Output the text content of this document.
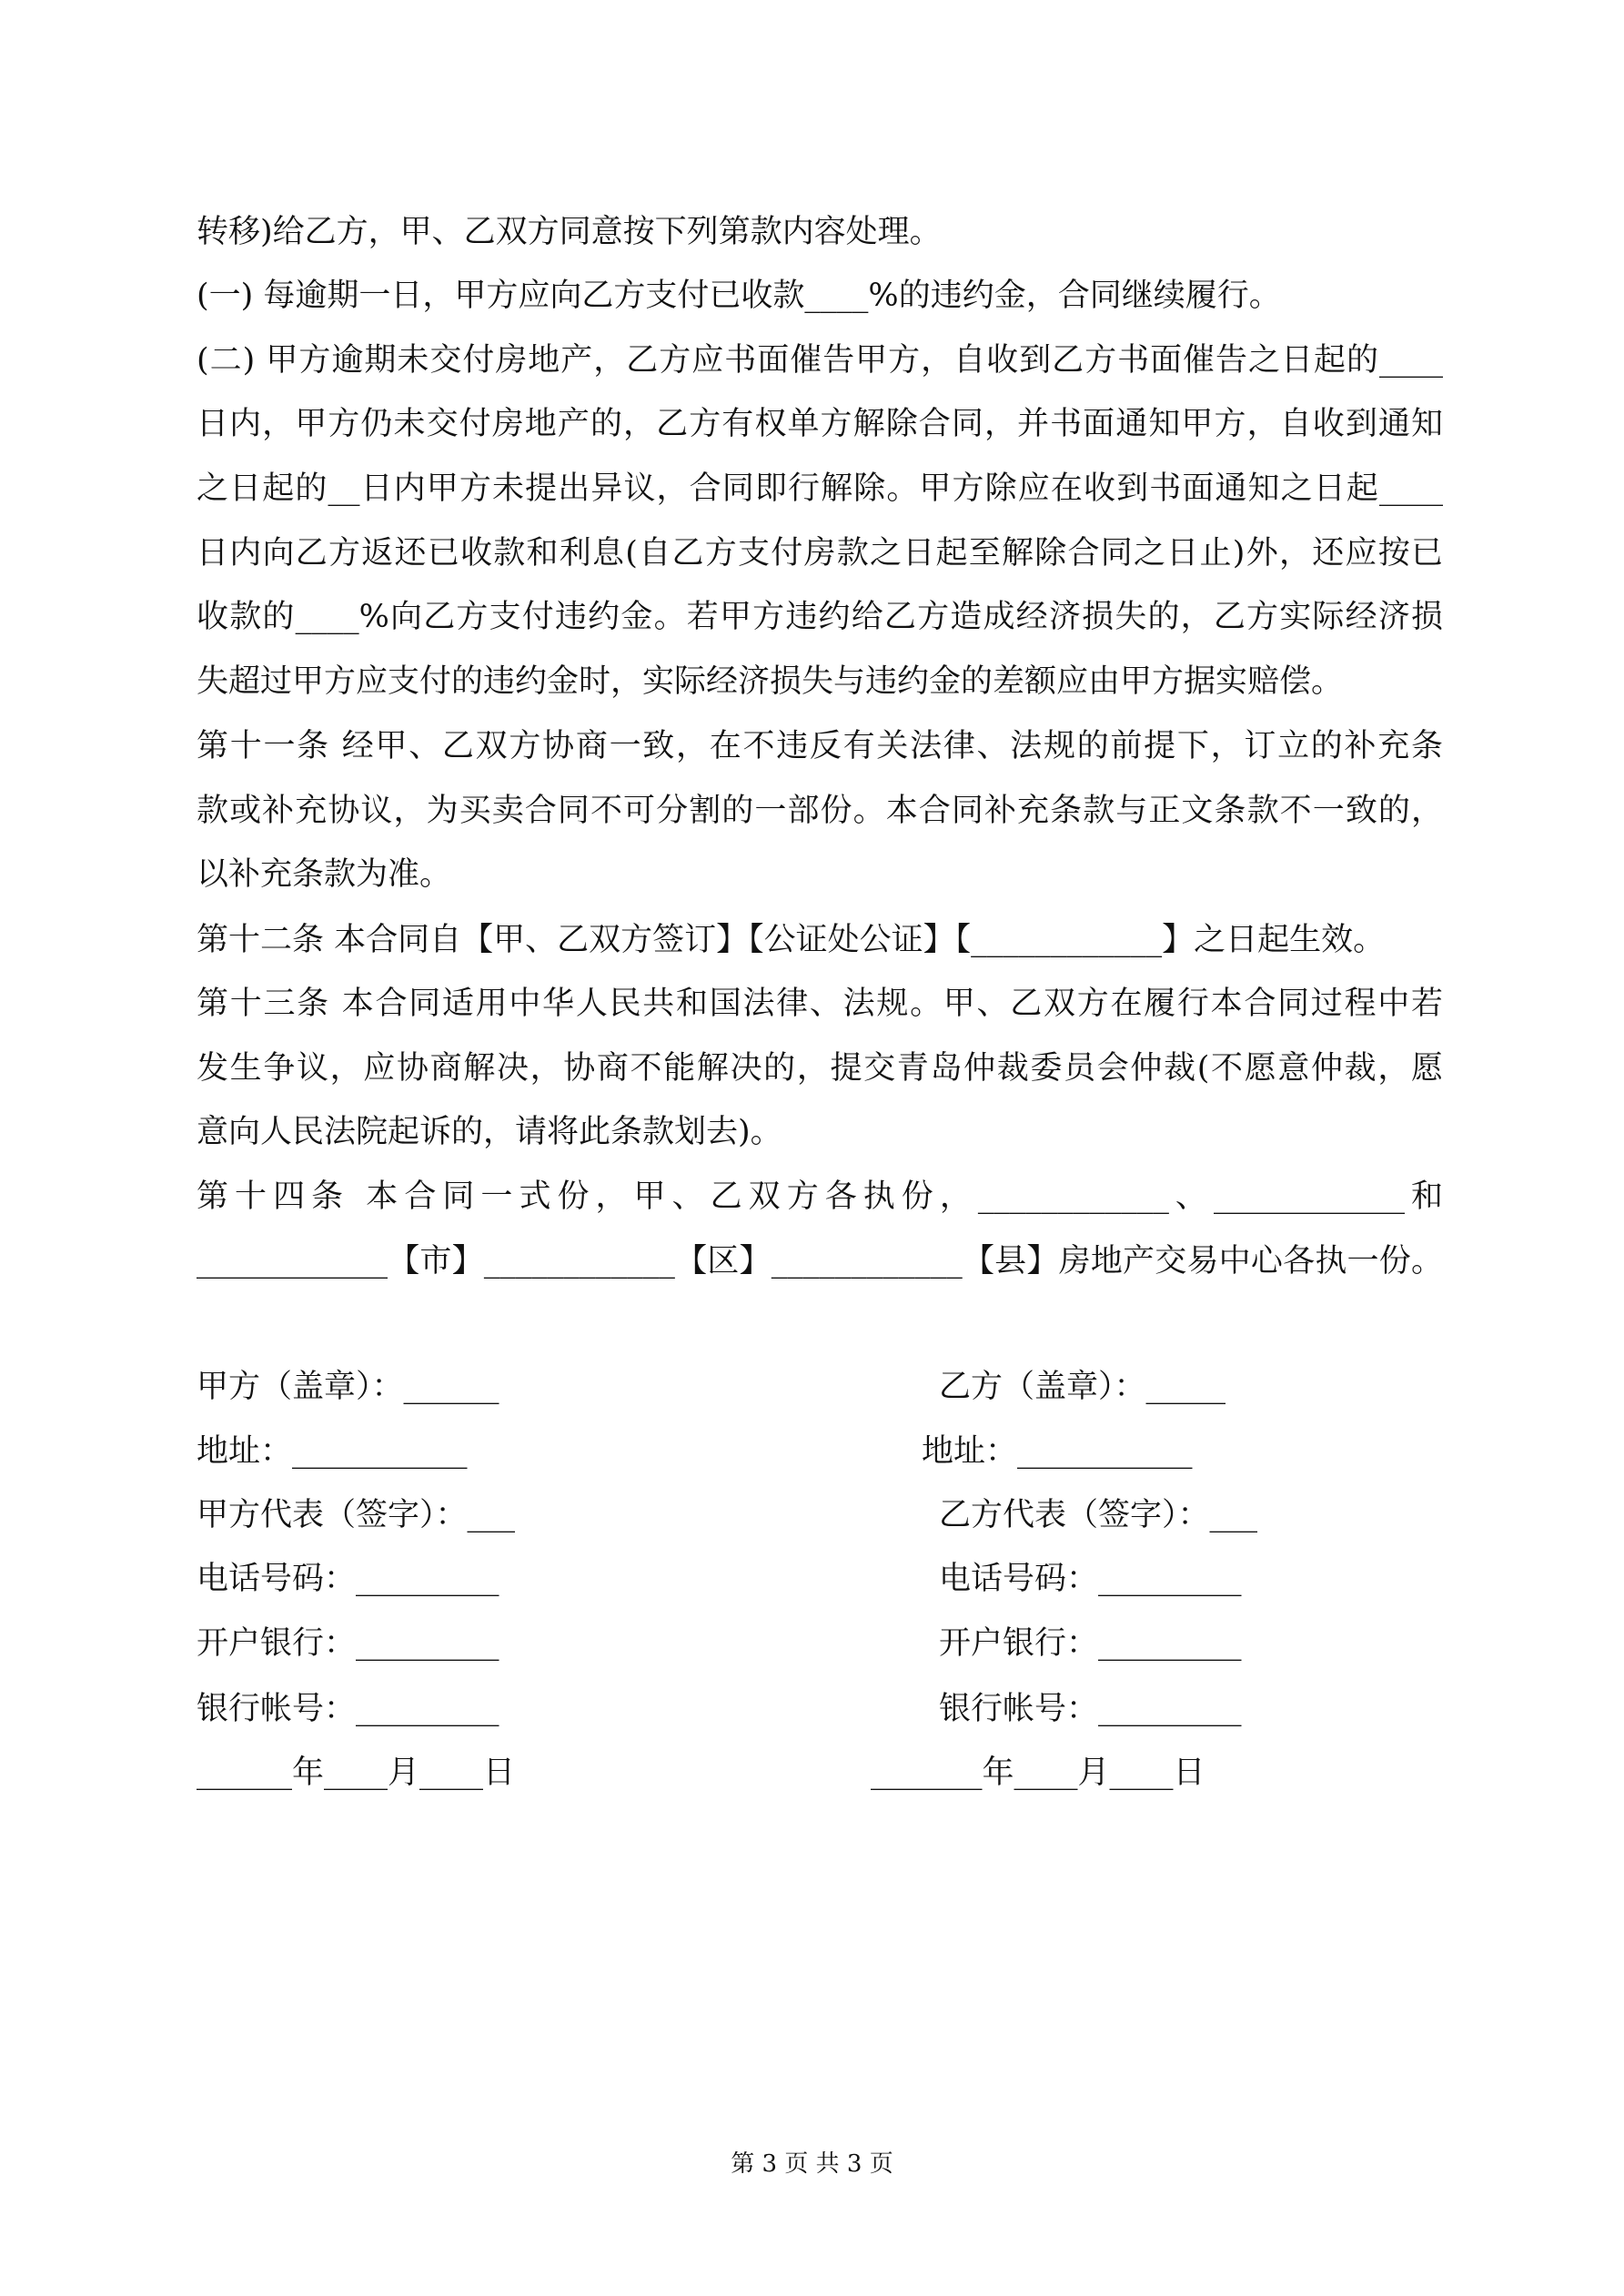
转移)给乙方，甲、乙双方同意按下列第款内容处理。
(一) 每逾期一日，甲方应向乙方支付已收款____%的违约金，合同继续履行。
(二) 甲方逾期未交付房地产，乙方应书面催告甲方，自收到乙方书面催告之日起的____
日内，甲方仍未交付房地产的，乙方有权单方解除合同，并书面通知甲方，自收到通知
之日起的__日内甲方未提出异议，合同即行解除。甲方除应在收到书面通知之日起____
日内向乙方返还已收款和利息(自乙方支付房款之日起至解除合同之日止)外，还应按已
收款的____%向乙方支付违约金。若甲方违约给乙方造成经济损失的，乙方实际经济损
失超过甲方应支付的违约金时，实际经济损失与违约金的差额应由甲方据实赔偿。
第十一条 经甲、乙双方协商一致，在不违反有关法律、法规的前提下，订立的补充条
款或补充协议，为买卖合同不可分割的一部份。本合同补充条款与正文条款不一致的，
以补充条款为准。
第十二条 本合同自【甲、乙双方签订】【公证处公证】【____________】之日起生效。
第十三条 本合同适用中华人民共和国法律、法规。甲、乙双方在履行本合同过程中若
发生争议，应协商解决，协商不能解决的，提交青岛仲裁委员会仲裁(不愿意仲裁，愿
意向人民法院起诉的，请将此条款划去)。
第十四条 本合同一式份，甲、乙双方各执份，____________、____________和
____________【市】____________【区】____________【县】房地产交易中心各执一份。
甲方（盖章）：______
地址：___________
甲方代表（签字）：___
电话号码：_________
开户银行：_________
银行帐号：_________
______年____月____日
乙方（盖章）：_____
地址：___________
乙方代表（签字）：___
电话号码：_________
开户银行：_________
银行帐号：_________
_______年____月____日
第 3 页 共 3 页
